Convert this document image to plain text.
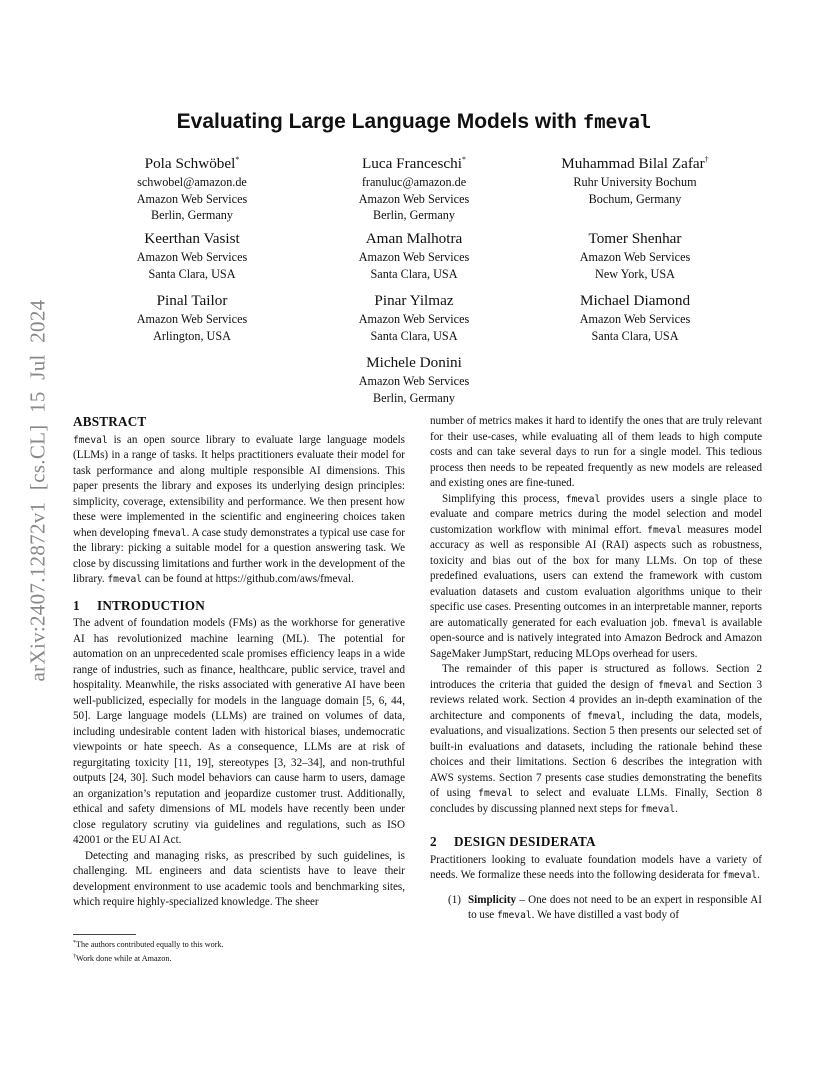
arXiv:2407.12872v1 [cs.CL] 15 Jul 2024
Evaluating Large Language Models with fmeval
Pola Schwöbel*
schwobel@amazon.de
Amazon Web Services
Berlin, Germany
Luca Franceschi*
franuluc@amazon.de
Amazon Web Services
Berlin, Germany
Muhammad Bilal Zafar†
Ruhr University Bochum
Bochum, Germany
Keerthan Vasist
Amazon Web Services
Santa Clara, USA
Aman Malhotra
Amazon Web Services
Santa Clara, USA
Tomer Shenhar
Amazon Web Services
New York, USA
Pinal Tailor
Amazon Web Services
Arlington, USA
Pinar Yilmaz
Amazon Web Services
Santa Clara, USA
Michael Diamond
Amazon Web Services
Santa Clara, USA
Michele Donini
Amazon Web Services
Berlin, Germany
ABSTRACT

fmeval is an open source library to evaluate large language models (LLMs) in a range of tasks. It helps practitioners evaluate their model for task performance and along multiple responsible AI dimensions. This paper presents the library and exposes its underlying design principles: simplicity, coverage, extensibility and performance. We then present how these were implemented in the scientific and engineering choices taken when developing fmeval. A case study demonstrates a typical use case for the library: picking a suitable model for a question answering task. We close by discussing limitations and further work in the development of the library. fmeval can be found at https://github.com/aws/fmeval.

1 INTRODUCTION

The advent of foundation models (FMs) as the workhorse for generative AI has revolutionized machine learning (ML). The potential for automation on an unprecedented scale promises efficiency leaps in a wide range of industries, such as finance, healthcare, public service, travel and hospitality. Meanwhile, the risks associated with generative AI have been well-publicized, especially for models in the language domain [5, 6, 44, 50]. Large language models (LLMs) are trained on volumes of data, including undesirable content laden with historical biases, undemocratic viewpoints or hate speech. As a consequence, LLMs are at risk of regurgitating toxicity [11, 19], stereotypes [3, 32–34], and non-truthful outputs [24, 30]. Such model behaviors can cause harm to users, damage an organization’s reputation and jeopardize customer trust. Additionally, ethical and safety dimensions of ML models have recently been under close regulatory scrutiny via guidelines and regulations, such as ISO 42001 or the EU AI Act.

Detecting and managing risks, as prescribed by such guidelines, is challenging. ML engineers and data scientists have to leave their development environment to use academic tools and benchmarking sites, which require highly-specialized knowledge. The sheer

*The authors contributed equally to this work.
†Work done while at Amazon.

number of metrics makes it hard to identify the ones that are truly relevant for their use-cases, while evaluating all of them leads to high compute costs and can take several days to run for a single model. This tedious process then needs to be repeated frequently as new models are released and existing ones are fine-tuned.

Simplifying this process, fmeval provides users a single place to evaluate and compare metrics during the model selection and model customization workflow with minimal effort. fmeval measures model accuracy as well as responsible AI (RAI) aspects such as robustness, toxicity and bias out of the box for many LLMs. On top of these predefined evaluations, users can extend the framework with custom evaluation datasets and custom evaluation algorithms unique to their specific use cases. Presenting outcomes in an interpretable manner, reports are automatically generated for each evaluation job. fmeval is available open-source and is natively integrated into Amazon Bedrock and Amazon SageMaker JumpStart, reducing MLOps overhead for users.

The remainder of this paper is structured as follows. Section 2 introduces the criteria that guided the design of fmeval and Section 3 reviews related work. Section 4 provides an in-depth examination of the architecture and components of fmeval, including the data, models, evaluations, and visualizations. Section 5 then presents our selected set of built-in evaluations and datasets, including the rationale behind these choices and their limitations. Section 6 describes the integration with AWS systems. Section 7 presents case studies demonstrating the benefits of using fmeval to select and evaluate LLMs. Finally, Section 8 concludes by discussing planned next steps for fmeval.

2 DESIGN DESIDERATA

Practitioners looking to evaluate foundation models have a variety of needs. We formalize these needs into the following desiderata for fmeval.

(1) Simplicity – One does not need to be an expert in responsible AI to use fmeval. We have distilled a vast body of
